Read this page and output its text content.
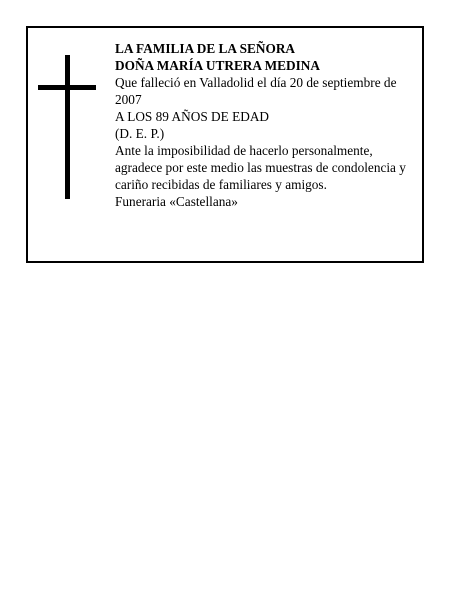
LA FAMILIA DE LA SEÑORA
DOÑA MARÍA UTRERA MEDINA
Que falleció en Valladolid el día 20 de septiembre de 2007
A LOS 89 AÑOS DE EDAD
(D. E. P.)
Ante la imposibilidad de hacerlo personalmente, agradece por este medio las muestras de condolencia y cariño recibidas de familiares y amigos.
Funeraria «Castellana»
